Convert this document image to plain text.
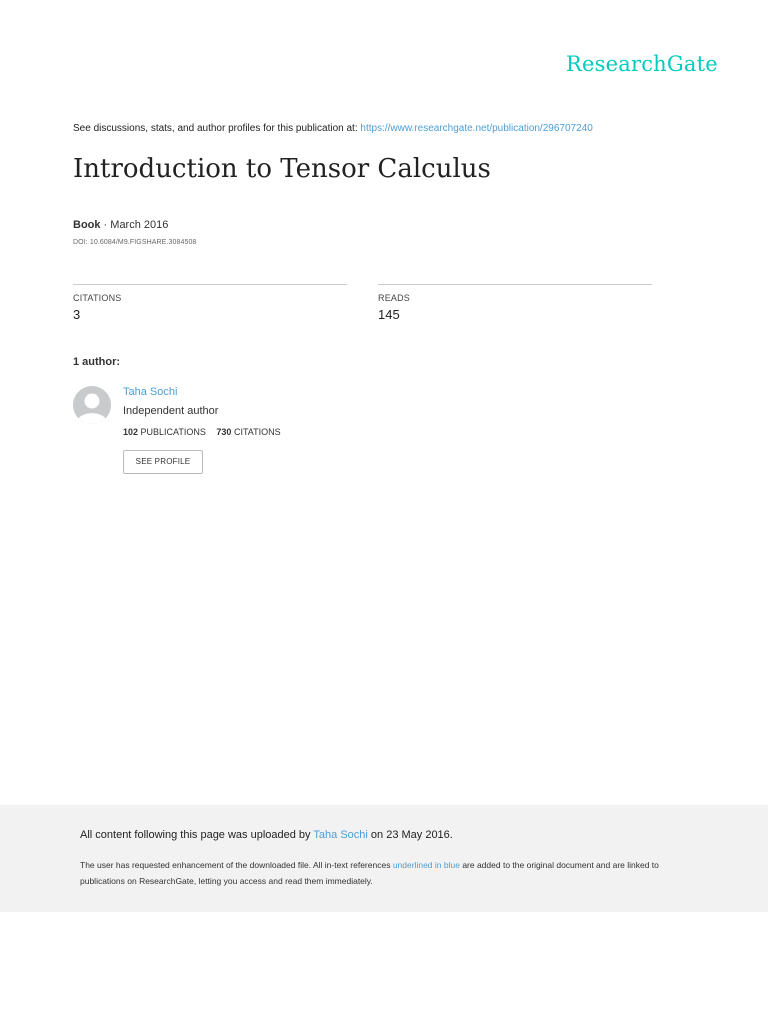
ResearchGate
See discussions, stats, and author profiles for this publication at: https://www.researchgate.net/publication/296707240
Introduction to Tensor Calculus
Book · March 2016
DOI: 10.6084/M9.FIGSHARE.3084508
CITATIONS
3
READS
145
1 author:
Taha Sochi
Independent author
102 PUBLICATIONS 730 CITATIONS
SEE PROFILE
All content following this page was uploaded by Taha Sochi on 23 May 2016.
The user has requested enhancement of the downloaded file. All in-text references underlined in blue are added to the original document and are linked to publications on ResearchGate, letting you access and read them immediately.
